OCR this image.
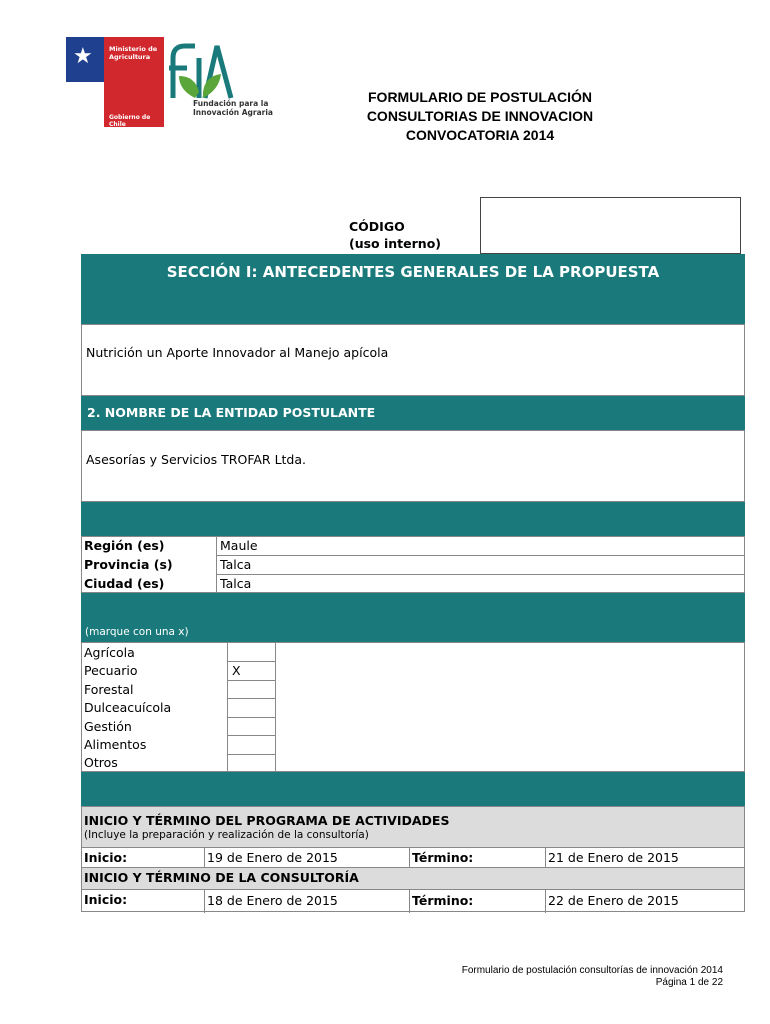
★	Ministerio de
Agricultura
Gobierno de Chile
Fundación para la
Innovación Agraria
FORMULARIO DE POSTULACIÓN
CONSULTORIAS DE INNOVACION
CONVOCATORIA 2014
CÓDIGO
(uso interno)
SECCIÓN I: ANTECEDENTES GENERALES DE LA PROPUESTA
1. NOMBRE DE LA CONSULTORIA DE INNOVACION
Nutrición un Aporte Innovador al Manejo apícola
2. NOMBRE DE LA ENTIDAD POSTULANTE
Asesorías y Servicios TROFAR Ltda.
3. LUGAR DE REALIZACION DE LA CONSULTORIA
Región (es)	Maule
Provincia (s)	Talca
Ciudad (es)	Talca
4. AREA O SECTOR DONDE SE ENMARCA LA CONSULTORIA DE INNOVACION
(marque con una x)
Agrícola
Pecuario	X
Forestal
Dulceacuícola
Gestión
Alimentos
Otros
5. FECHAS DE INICIO Y TERMINO DE LA CONSULTORIA DE INNOVACION
INICIO Y TÉRMINO DEL PROGRAMA DE ACTIVIDADES
(Incluye la preparación y realización de la consultoría)
Inicio:	19 de Enero de 2015	Término:	21 de Enero de 2015
INICIO Y TÉRMINO DE LA CONSULTORÍA
Inicio:	18 de Enero de 2015	Término:	22 de Enero de 2015
Formulario de postulación consultorías de innovación 2014
Página 1 de 22
